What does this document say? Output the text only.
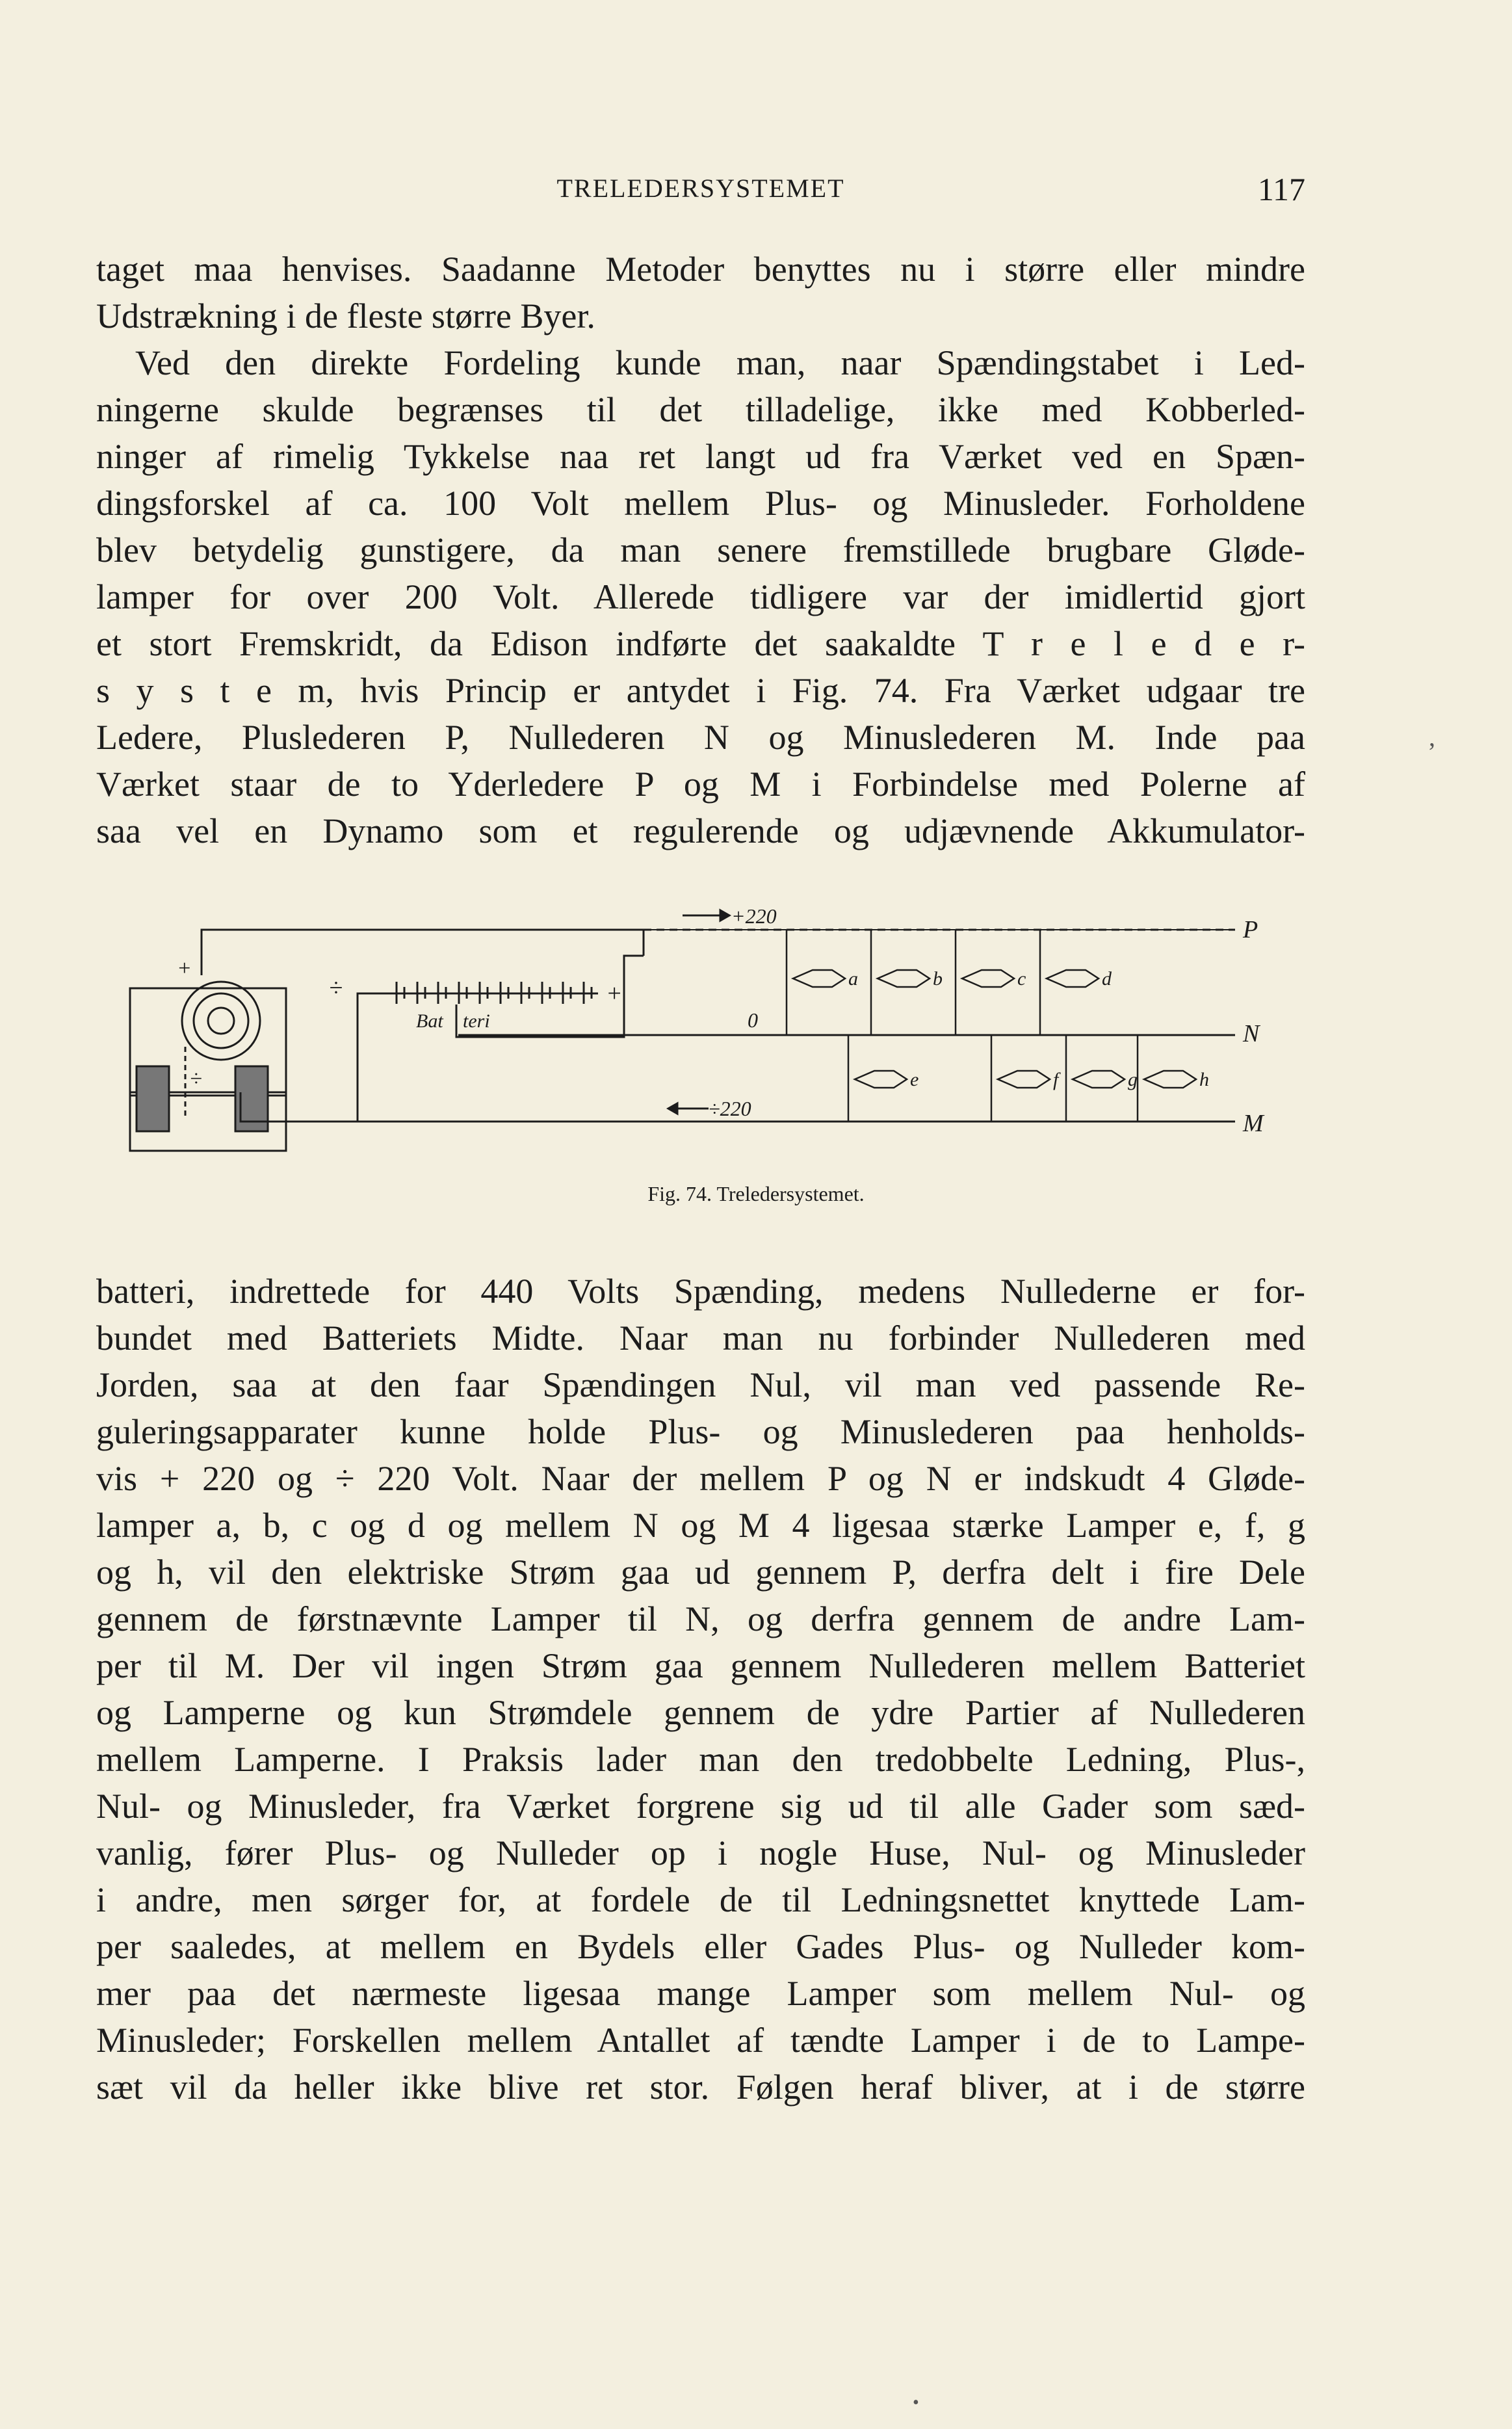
TRELEDERSYSTEMET	117
taget maa henvises. Saadanne Metoder benyttes nu i større eller mindre
Udstrækning i de fleste større Byer.
Ved den direkte Fordeling kunde man, naar Spændingstabet i Led-
ningerne skulde begrænses til det tilladelige, ikke med Kobberled-
ninger af rimelig Tykkelse naa ret langt ud fra Værket ved en Spæn-
dingsforskel af ca. 100 Volt mellem Plus- og Minusleder. Forholdene
blev betydelig gunstigere, da man senere fremstillede brugbare Gløde-
lamper for over 200 Volt. Allerede tidligere var der imidlertid gjort
et stort Fremskridt, da Edison indførte det saakaldte T r e l e d e r-
s y s t e m, hvis Princip er antydet i Fig. 74. Fra Værket udgaar tre
Ledere, Pluslederen P, Nullederen N og Minuslederen M. Inde paa
Værket staar de to Yderledere P og M i Forbindelse med Polerne af
saa vel en Dynamo som et regulerende og udjævnende Akkumulator-
+
÷
÷	+
Bat teri
+220
0
÷220
P
N
M
a	b	c	d
e	f	g	h
Fig. 74. Treledersystemet.
batteri, indrettede for 440 Volts Spænding, medens Nullederne er for-
bundet med Batteriets Midte. Naar man nu forbinder Nullederen med
Jorden, saa at den faar Spændingen Nul, vil man ved passende Re-
guleringsapparater kunne holde Plus- og Minuslederen paa henholds-
vis + 220 og ÷ 220 Volt. Naar der mellem P og N er indskudt 4 Gløde-
lamper a, b, c og d og mellem N og M 4 ligesaa stærke Lamper e, f, g
og h, vil den elektriske Strøm gaa ud gennem P, derfra delt i fire Dele
gennem de førstnævnte Lamper til N, og derfra gennem de andre Lam-
per til M. Der vil ingen Strøm gaa gennem Nullederen mellem Batteriet
og Lamperne og kun Strømdele gennem de ydre Partier af Nullederen
mellem Lamperne. I Praksis lader man den tredobbelte Ledning, Plus-,
Nul- og Minusleder, fra Værket forgrene sig ud til alle Gader som sæd-
vanlig, fører Plus- og Nulleder op i nogle Huse, Nul- og Minusleder
i andre, men sørger for, at fordele de til Ledningsnettet knyttede Lam-
per saaledes, at mellem en Bydels eller Gades Plus- og Nulleder kom-
mer paa det nærmeste ligesaa mange Lamper som mellem Nul- og
Minusleder; Forskellen mellem Antallet af tændte Lamper i de to Lampe-
sæt vil da heller ikke blive ret stor. Følgen heraf bliver, at i de større
‚
•
